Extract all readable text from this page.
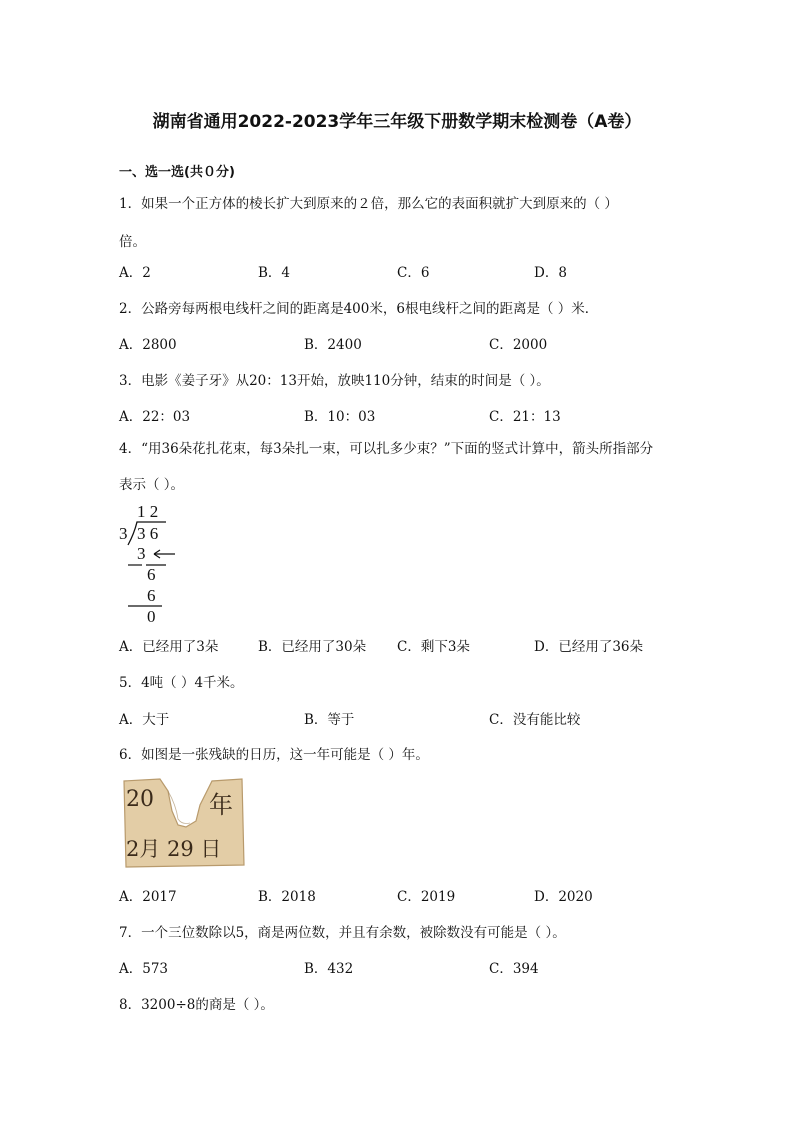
湖南省通用2022-2023学年三年级下册数学期末检测卷（A卷）
一、选一选(共０分)
1．如果一个正方体的棱长扩大到原来的２倍，那么它的表面积就扩大到原来的（ ）
倍。
A．2	B．4	C．6	D．8
2．公路旁每两根电线杆之间的距离是400米，6根电线杆之间的距离是（ ）米．
A．2800	B．2400	C．2000
3．电影《姜子牙》从20：13开始，放映110分钟，结束的时间是（ ）。
A．22：03	B．10：03	C．21：13
4．“用36朵花扎花束，每3朵扎一束，可以扎多少束？”下面的竖式计算中，箭头所指部分
表示（ ）。
1 2
3 3 6
3
6
6
0
A．已经用了3朵	B．已经用了30朵 C．剩下3朵	D．已经用了36朵
5．4吨（ ）4千米。
A．大于	B．等于	C．没有能比较
6．如图是一张残缺的日历，这一年可能是（ ）年。
20 年
2月 29 日
A．2017	B．2018	C．2019	D．2020
7．一个三位数除以5，商是两位数，并且有余数，被除数没有可能是（ ）。
A．573	B．432	C．394
8．3200÷8的商是（ ）。
